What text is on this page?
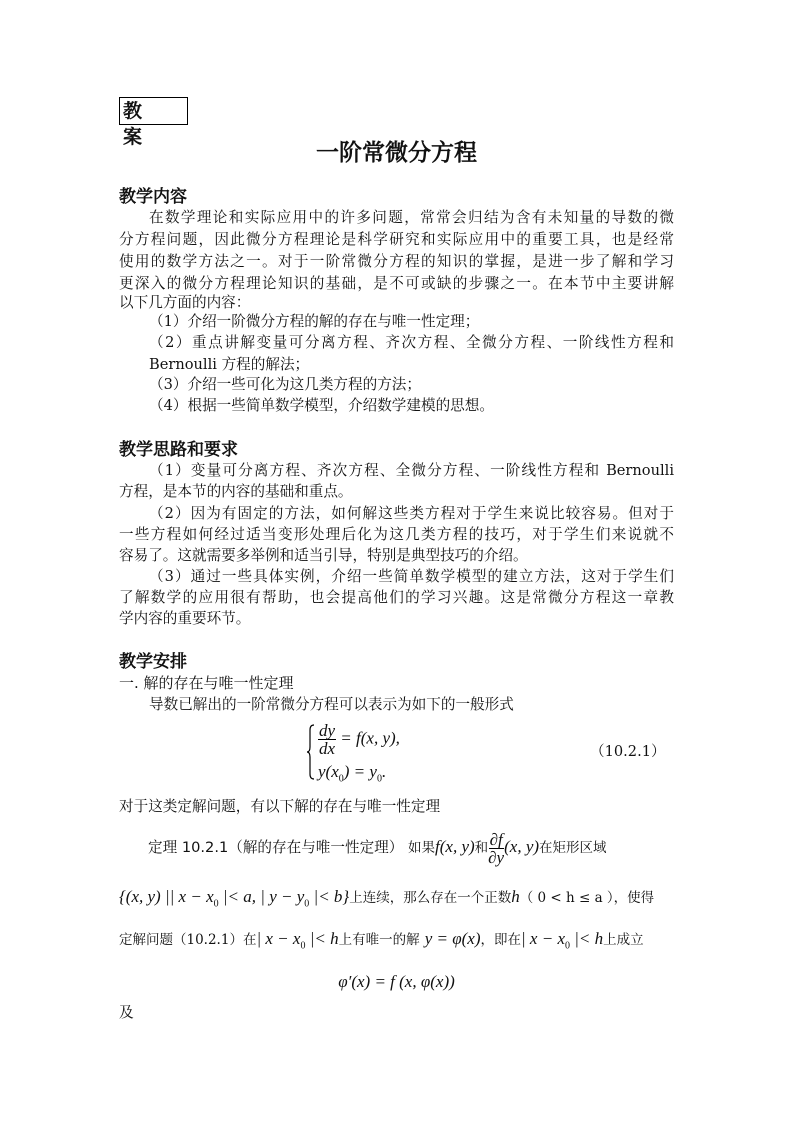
教案
一阶常微分方程
教学内容
在数学理论和实际应用中的许多问题，常常会归结为含有未知量的导数的微
分方程问题，因此微分方程理论是科学研究和实际应用中的重要工具，也是经常
使用的数学方法之一。对于一阶常微分方程的知识的掌握，是进一步了解和学习
更深入的微分方程理论知识的基础，是不可或缺的步骤之一。在本节中主要讲解
以下几方面的内容：
（1）介绍一阶微分方程的解的存在与唯一性定理；
（2）重点讲解变量可分离方程、齐次方程、全微分方程、一阶线性方程和
Bernoulli 方程的解法；
（3）介绍一些可化为这几类方程的方法；
（4）根据一些简单数学模型，介绍数学建模的思想。
教学思路和要求
（1）变量可分离方程、齐次方程、全微分方程、一阶线性方程和 Bernoulli
方程，是本节的内容的基础和重点。
（2）因为有固定的方法，如何解这些类方程对于学生来说比较容易。但对于
一些方程如何经过适当变形处理后化为这几类方程的技巧，对于学生们来说就不
容易了。这就需要多举例和适当引导，特别是典型技巧的介绍。
（3）通过一些具体实例，介绍一些简单数学模型的建立方法，这对于学生们
了解数学的应用很有帮助，也会提高他们的学习兴趣。这是常微分方程这一章教
学内容的重要环节。
教学安排
一. 解的存在与唯一性定理
导数已解出的一阶常微分方程可以表示为如下的一般形式
$\frac{dy}{dx} = f(x$, y),
$y(x_0) = y_0$.
（10.2.1）
对于这类定解问题，有以下解的存在与唯一性定理
定理 10.2.1（解的存在与唯一性定理） 如果f(x, y)和 $\frac{\partial f}{\partial y} (x$, y)在矩形区域
{(x, y) || $x - x_0$ |< a, | $y - y_0$ |< b}上连续，那么存在一个正数h（ 0 < h ≤ a ），使得
定解问题（10.2.1）在| $x - x_0$ |< h上有唯一的解 y = φ(x)，即在| $x - x_0$ |< h上成立
φ′(x) = f (x, φ(x))
及
